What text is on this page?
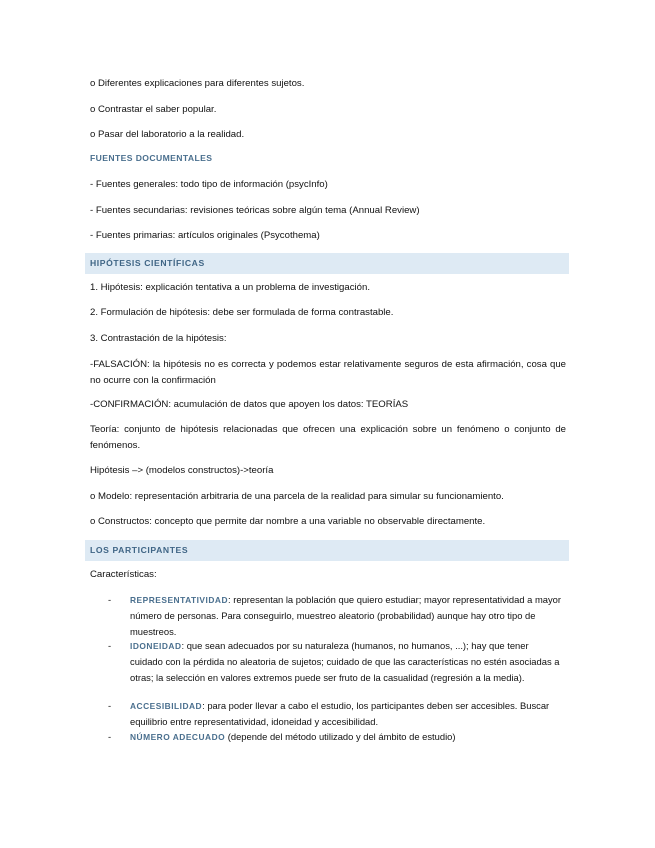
o Diferentes explicaciones para diferentes sujetos.
o Contrastar el saber popular.
o Pasar del laboratorio a la realidad.
FUENTES DOCUMENTALES
- Fuentes generales: todo tipo de información (psycInfo)
- Fuentes secundarias: revisiones teóricas sobre algún tema (Annual Review)
- Fuentes primarias: artículos originales (Psycothema)
HIPÓTESIS CIENTÍFICAS
1. Hipótesis: explicación tentativa a un problema de investigación.
2. Formulación de hipótesis: debe ser formulada de forma contrastable.
3. Contrastación de la hipótesis:
-FALSACIÓN: la hipótesis no es correcta y podemos estar relativamente seguros de esta afirmación, cosa que no ocurre con la confirmación
-CONFIRMACIÓN: acumulación de datos que apoyen los datos: TEORÍAS
Teoría: conjunto de hipótesis relacionadas que ofrecen una explicación sobre un fenómeno o conjunto de fenómenos.
Hipótesis –> (modelos constructos)->teoría
o Modelo: representación arbitraria de una parcela de la realidad para simular su funcionamiento.
o Constructos: concepto que permite dar nombre a una variable no observable directamente.
LOS PARTICIPANTES
Características:
- REPRESENTATIVIDAD: representan la población que quiero estudiar; mayor representatividad a mayor número de personas. Para conseguirlo, muestreo aleatorio (probabilidad) aunque hay otro tipo de muestreos.
- IDONEIDAD: que sean adecuados por su naturaleza (humanos, no humanos, ...); hay que tener cuidado con la pérdida no aleatoria de sujetos; cuidado de que las características no estén asociadas a otras; la selección en valores extremos puede ser fruto de la casualidad (regresión a la media).
- ACCESIBILIDAD: para poder llevar a cabo el estudio, los participantes deben ser accesibles. Buscar equilibrio entre representatividad, idoneidad y accesibilidad.
- NÚMERO ADECUADO (depende del método utilizado y del ámbito de estudio)
